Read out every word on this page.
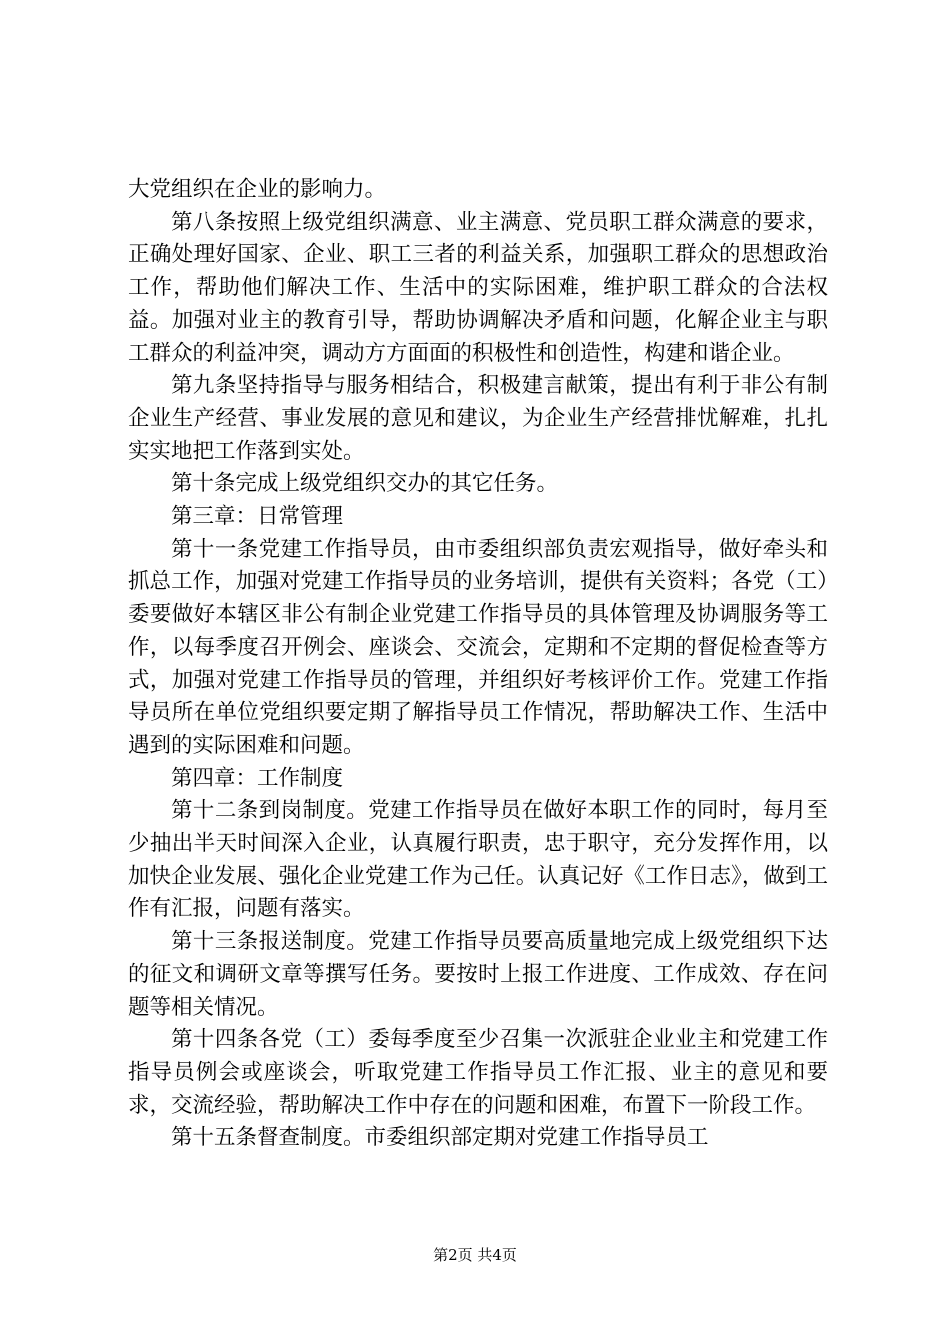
大党组织在企业的影响力。

第八条按照上级党组织满意、业主满意、党员职工群众满意的要求，正确处理好国家、企业、职工三者的利益关系，加强职工群众的思想政治工作，帮助他们解决工作、生活中的实际困难，维护职工群众的合法权益。加强对业主的教育引导，帮助协调解决矛盾和问题，化解企业主与职工群众的利益冲突，调动方方面面的积极性和创造性，构建和谐企业。

第九条坚持指导与服务相结合，积极建言献策，提出有利于非公有制企业生产经营、事业发展的意见和建议，为企业生产经营排忧解难，扎扎实实地把工作落到实处。

第十条完成上级党组织交办的其它任务。

第三章：日常管理

第十一条党建工作指导员，由市委组织部负责宏观指导，做好牵头和抓总工作，加强对党建工作指导员的业务培训，提供有关资料；各党（工）委要做好本辖区非公有制企业党建工作指导员的具体管理及协调服务等工作，以每季度召开例会、座谈会、交流会，定期和不定期的督促检查等方式，加强对党建工作指导员的管理，并组织好考核评价工作。党建工作指导员所在单位党组织要定期了解指导员工作情况，帮助解决工作、生活中遇到的实际困难和问题。

第四章：工作制度

第十二条到岗制度。党建工作指导员在做好本职工作的同时，每月至少抽出半天时间深入企业，认真履行职责，忠于职守，充分发挥作用，以加快企业发展、强化企业党建工作为己任。认真记好《工作日志》，做到工作有汇报，问题有落实。

第十三条报送制度。党建工作指导员要高质量地完成上级党组织下达的征文和调研文章等撰写任务。要按时上报工作进度、工作成效、存在问题等相关情况。

第十四条各党（工）委每季度至少召集一次派驻企业业主和党建工作指导员例会或座谈会，听取党建工作指导员工作汇报、业主的意见和要求，交流经验，帮助解决工作中存在的问题和困难，布置下一阶段工作。

第十五条督查制度。市委组织部定期对党建工作指导员工

第2页 共4页
